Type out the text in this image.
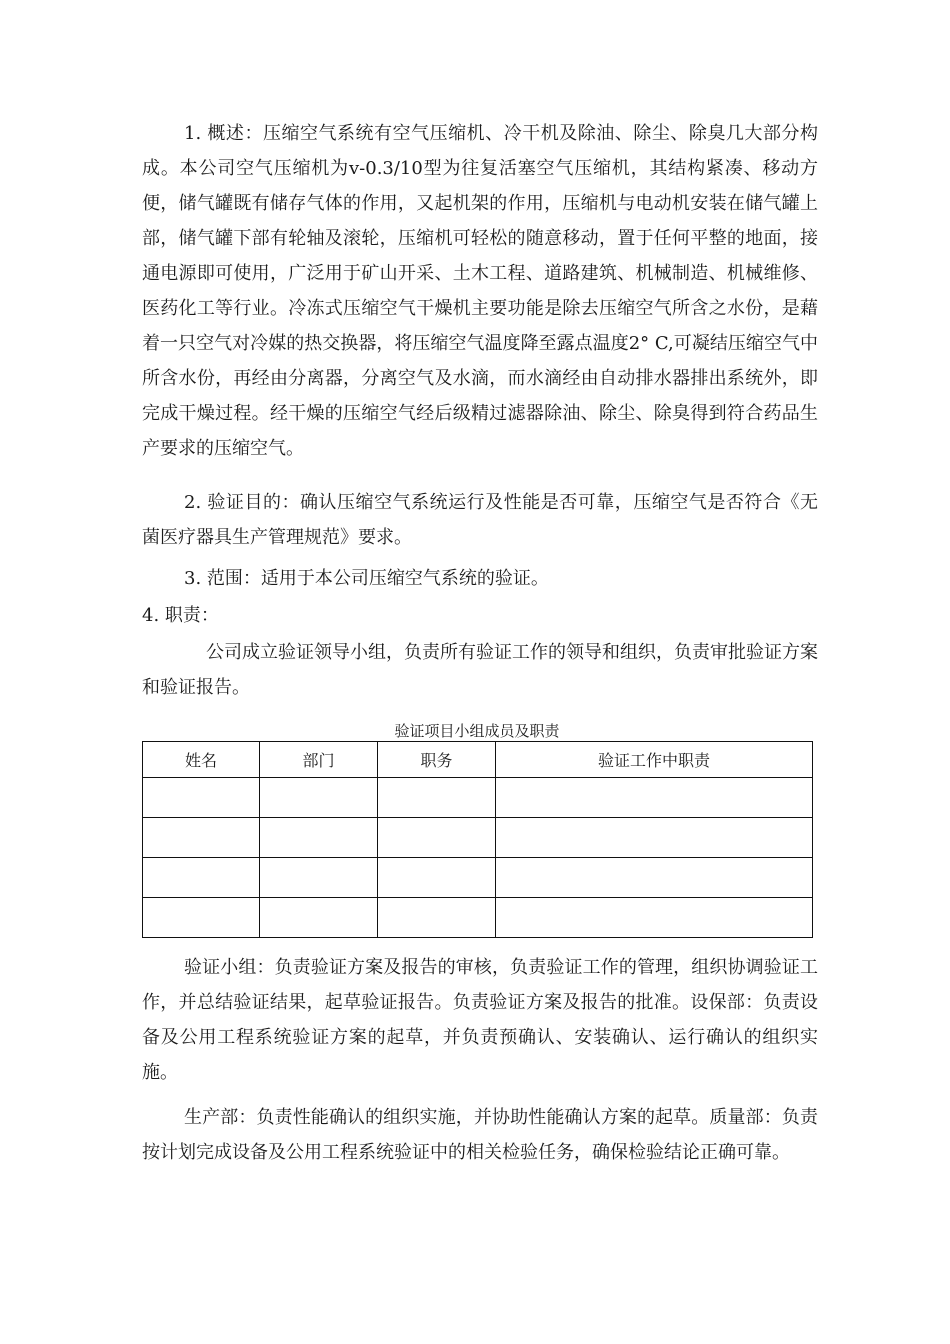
1. 概述：压缩空气系统有空气压缩机、冷干机及除油、除尘、除臭几大部分构成。本公司空气压缩机为v-0.3/10型为往复活塞空气压缩机，其结构紧凑、移动方便，储气罐既有储存气体的作用，又起机架的作用，压缩机与电动机安装在储气罐上部，储气罐下部有轮轴及滚轮，压缩机可轻松的随意移动，置于任何平整的地面，接通电源即可使用，广泛用于矿山开采、土木工程、道路建筑、机械制造、机械维修、医药化工等行业。冷冻式压缩空气干燥机主要功能是除去压缩空气所含之水份，是藉着一只空气对冷媒的热交换器，将压缩空气温度降至露点温度2° C,可凝结压缩空气中所含水份，再经由分离器，分离空气及水滴，而水滴经由自动排水器排出系统外，即完成干燥过程。经干燥的压缩空气经后级精过滤器除油、除尘、除臭得到符合药品生产要求的压缩空气。

2. 验证目的：确认压缩空气系统运行及性能是否可靠，压缩空气是否符合《无菌医疗器具生产管理规范》要求。

3. 范围：适用于本公司压缩空气系统的验证。

4. 职责：

公司成立验证领导小组，负责所有验证工作的领导和组织，负责审批验证方案和验证报告。

验证项目小组成员及职责
姓名	部门	职务	验证工作中职责

验证小组：负责验证方案及报告的审核，负责验证工作的管理，组织协调验证工作，并总结验证结果，起草验证报告。负责验证方案及报告的批准。设保部：负责设备及公用工程系统验证方案的起草，并负责预确认、安装确认、运行确认的组织实施。

生产部：负责性能确认的组织实施，并协助性能确认方案的起草。质量部：负责按计划完成设备及公用工程系统验证中的相关检验任务，确保检验结论正确可靠。
